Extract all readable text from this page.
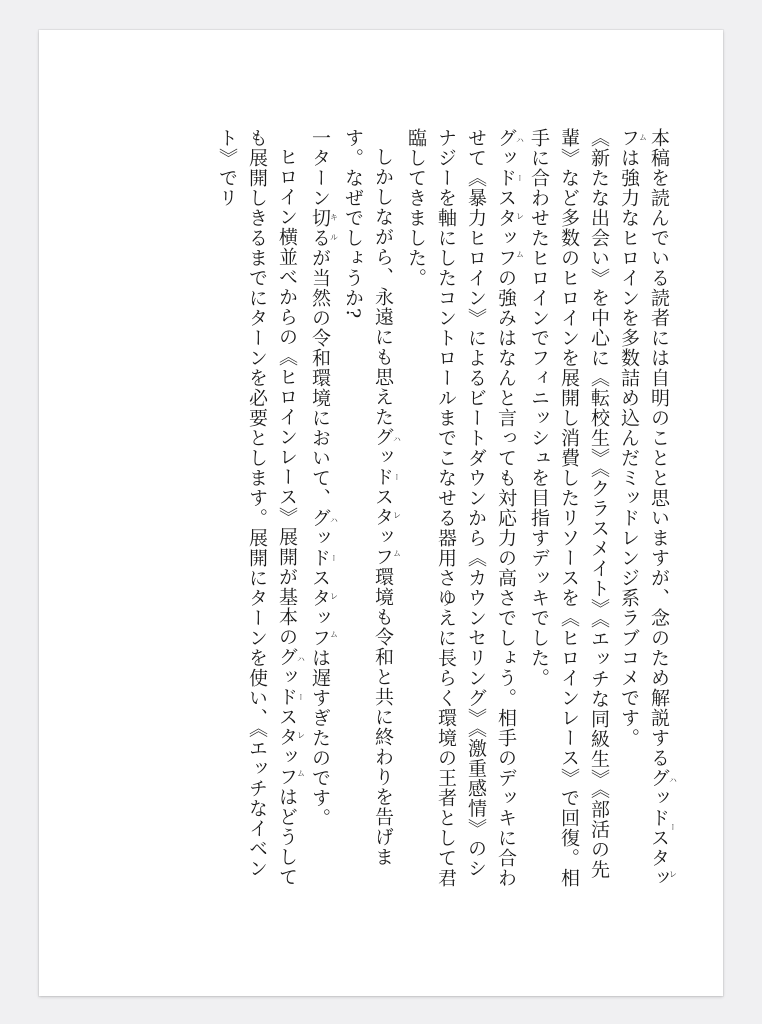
本稿を読んでいる読者には自明のことと思いますが、念のため解説するグッドスタッフハーレムは強力なヒロインを多数詰め込んだミッドレンジ系ラブコメです。

《新たな出会い》を中心に《転校生》《クラスメイト》《エッチな同級生》《部活の先輩》など多数のヒロインを展開し消費したリソースを《ヒロインレース》で回復。相手に合わせたヒロインでフィニッシュを目指すデッキでした。

グッドスタッフハーレムの強みはなんと言っても対応力の高さでしょう。相手のデッキに合わせて《暴力ヒロイン》によるビートダウンから《カウンセリング》《激重感情》のシナジーを軸にしたコントロールまでこなせる器用さゆえに長らく環境の王者として君臨してきました。

しかしながら、永遠にも思えたグッドスタッフハーレム環境も令和と共に終わりを告げます。なぜでしょうか?

一ターン切るキルが当然の令和環境において、グッドスタッフハーレムは遅すぎたのです。

ヒロイン横並べからの《ヒロインレース》展開が基本のグッドスタッフハーレムはどうしても展開しきるまでにターンを必要とします。展開にターンを使い、《エッチなイベント》でリ
